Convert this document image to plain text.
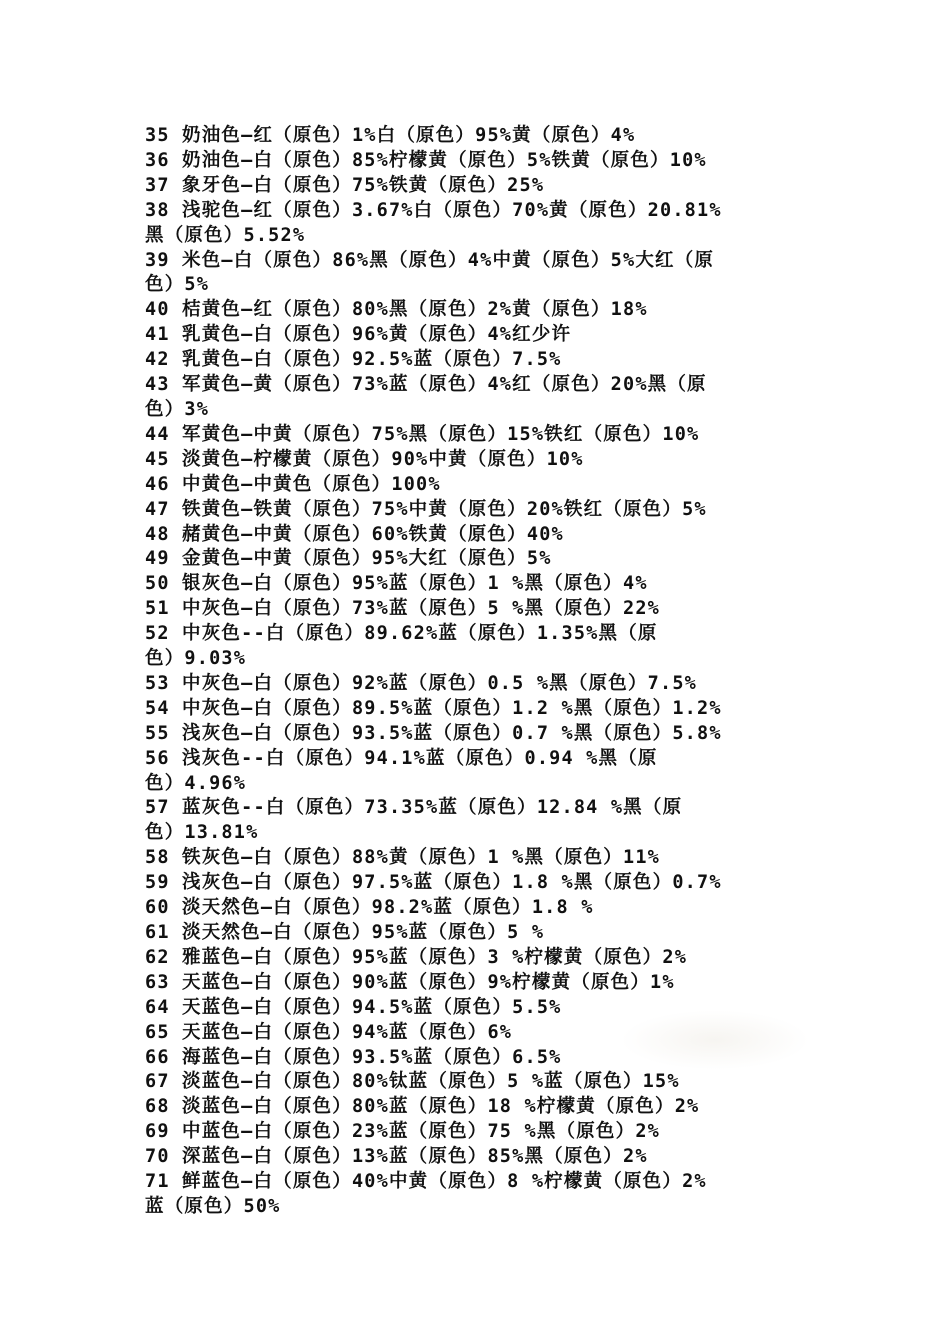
35 奶油色—红（原色）1%白（原色）95%黄（原色）4%
36 奶油色—白（原色）85%柠檬黄（原色）5%铁黄（原色）10%
37 象牙色—白（原色）75%铁黄（原色）25%
38 浅驼色—红（原色）3.67%白（原色）70%黄（原色）20.81%
黑（原色）5.52%
39 米色—白（原色）86%黑（原色）4%中黄（原色）5%大红（原
色）5%
40 桔黄色—红（原色）80%黑（原色）2%黄（原色）18%
41 乳黄色—白（原色）96%黄（原色）4%红少许
42 乳黄色—白（原色）92.5%蓝（原色）7.5%
43 军黄色—黄（原色）73%蓝（原色）4%红（原色）20%黑（原
色）3%
44 军黄色—中黄（原色）75%黑（原色）15%铁红（原色）10%
45 淡黄色—柠檬黄（原色）90%中黄（原色）10%
46 中黄色—中黄色（原色）100%
47 铁黄色—铁黄（原色）75%中黄（原色）20%铁红（原色）5%
48 赭黄色—中黄（原色）60%铁黄（原色）40%
49 金黄色—中黄（原色）95%大红（原色）5%
50 银灰色—白（原色）95%蓝（原色）1 %黑（原色）4%
51 中灰色—白（原色）73%蓝（原色）5 %黑（原色）22%
52 中灰色--白（原色）89.62%蓝（原色）1.35%黑（原
色）9.03%
53 中灰色—白（原色）92%蓝（原色）0.5 %黑（原色）7.5%
54 中灰色—白（原色）89.5%蓝（原色）1.2 %黑（原色）1.2%
55 浅灰色—白（原色）93.5%蓝（原色）0.7 %黑（原色）5.8%
56 浅灰色--白（原色）94.1%蓝（原色）0.94 %黑（原
色）4.96%
57 蓝灰色--白（原色）73.35%蓝（原色）12.84 %黑（原
色）13.81%
58 铁灰色—白（原色）88%黄（原色）1 %黑（原色）11%
59 浅灰色—白（原色）97.5%蓝（原色）1.8 %黑（原色）0.7%
60 淡天然色—白（原色）98.2%蓝（原色）1.8 %
61 淡天然色—白（原色）95%蓝（原色）5 %
62 雅蓝色—白（原色）95%蓝（原色）3 %柠檬黄（原色）2%
63 天蓝色—白（原色）90%蓝（原色）9%柠檬黄（原色）1%
64 天蓝色—白（原色）94.5%蓝（原色）5.5%
65 天蓝色—白（原色）94%蓝（原色）6%
66 海蓝色—白（原色）93.5%蓝（原色）6.5%
67 淡蓝色—白（原色）80%钛蓝（原色）5 %蓝（原色）15%
68 淡蓝色—白（原色）80%蓝（原色）18 %柠檬黄（原色）2%
69 中蓝色—白（原色）23%蓝（原色）75 %黑（原色）2%
70 深蓝色—白（原色）13%蓝（原色）85%黑（原色）2%
71 鲜蓝色—白（原色）40%中黄（原色）8 %柠檬黄（原色）2%
蓝（原色）50%
